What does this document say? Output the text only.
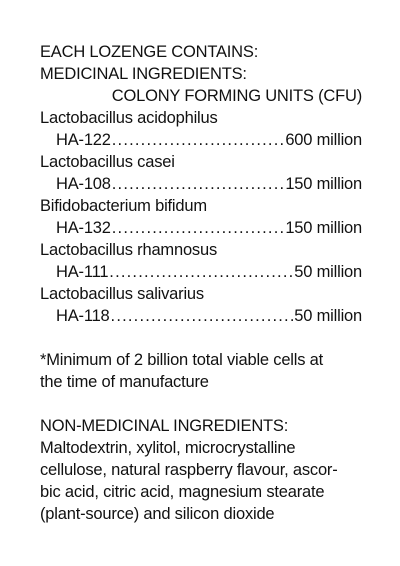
EACH LOZENGE CONTAINS:
MEDICINAL INGREDIENTS:
COLONY FORMING UNITS (CFU)
Lactobacillus acidophilus
HA-122 .....	600 million
Lactobacillus casei
HA-108 .....	150 million
Bifidobacterium bifidum
HA-132 .....	150 million
Lactobacillus rhamnosus
HA-111 .....	50 million
Lactobacillus salivarius
HA-118 .....	50 million
*Minimum of 2 billion total viable cells at
the time of manufacture
NON-MEDICINAL INGREDIENTS:
Maltodextrin, xylitol, microcrystalline
cellulose, natural raspberry flavour, ascor-
bic acid, citric acid, magnesium stearate
(plant-source) and silicon dioxide
